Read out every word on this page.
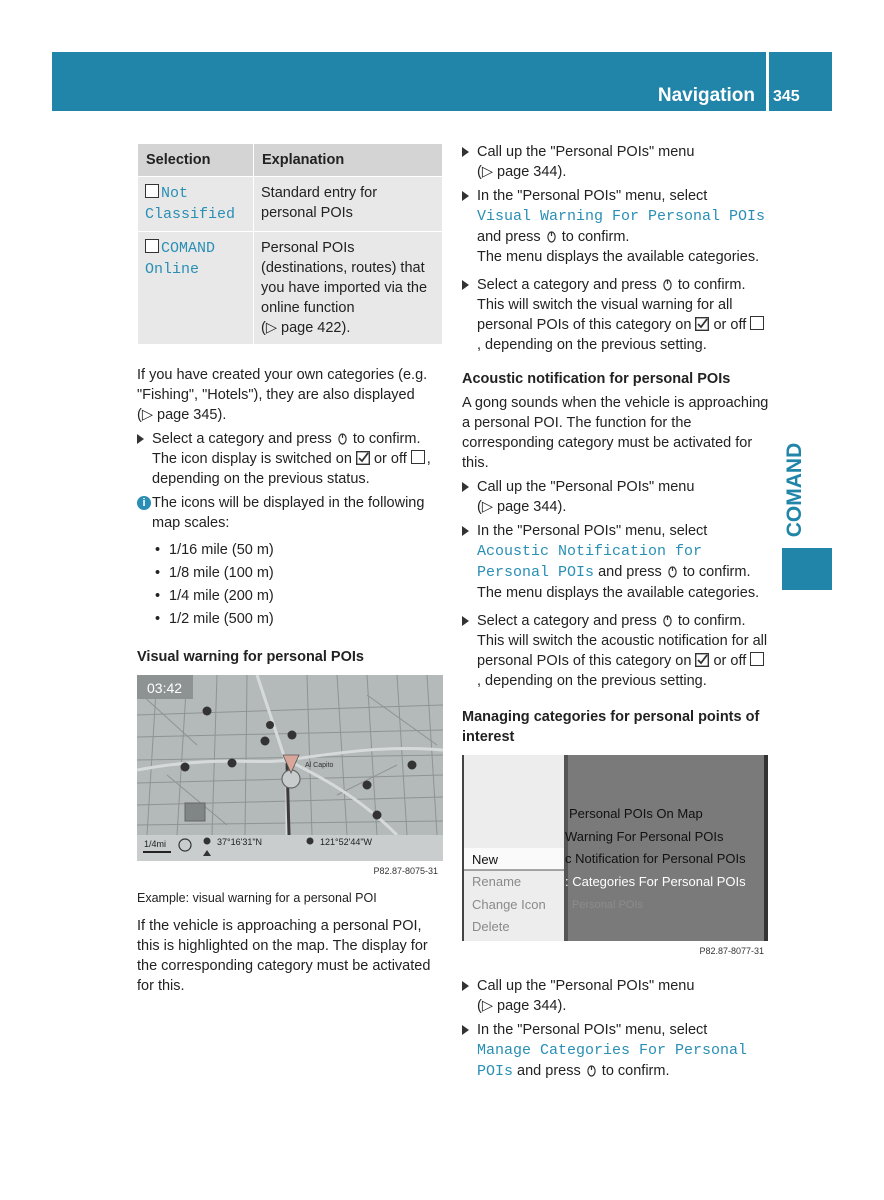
Navigation 345
COMAND
Selection	Explanation
Not Classified	Standard entry for personal POIs
COMAND Online	Personal POIs (destinations, routes) that you have imported via the online function
(▷ page 422).

If you have created your own categories (e.g. "Fishing", "Hotels"), they are also displayed
(▷ page 345).

Select a category and press to confirm. The icon display is switched on or off , depending on the previous status.
i The icons will be displayed in the following map scales:
• 1/16 mile (50 m)
• 1/8 mile (100 m)
• 1/4 mile (200 m)
• 1/2 mile (500 m)
Visual warning for personal POIs
03:42
Al Capito
1/4mi	37°16'31"N	121°52'44"W
P82.87-8075-31

Example: visual warning for a personal POI

If the vehicle is approaching a personal POI, this is highlighted on the map. The display for the corresponding category must be activated for this.

Call up the "Personal POIs" menu
(▷ page 344).
In the "Personal POIs" menu, select
Visual Warning For Personal POIs
and press to confirm.
The menu displays the available categories.
Select a category and press to confirm. This will switch the visual warning for all personal POIs of this category on or off , depending on the previous setting.
Acoustic notification for personal POIs

A gong sounds when the vehicle is approaching a personal POI. The function for the corresponding category must be activated for this.

Call up the "Personal POIs" menu
(▷ page 344).
In the "Personal POIs" menu, select
Acoustic Notification for
Personal POIs and press to confirm.
The menu displays the available categories.
Select a category and press to confirm. This will switch the acoustic notification for all personal POIs of this category on or off , depending on the previous setting.
Managing categories for personal points of interest
New
Rename
Change Icon
Delete
Personal POIs On Map
Warning For Personal POIs
c Notification for Personal POIs
: Categories For Personal POIs
Personal POIs
P82.87-8077-31
Call up the "Personal POIs" menu
(▷ page 344).
In the "Personal POIs" menu, select
Manage Categories For Personal
POIs and press to confirm.
